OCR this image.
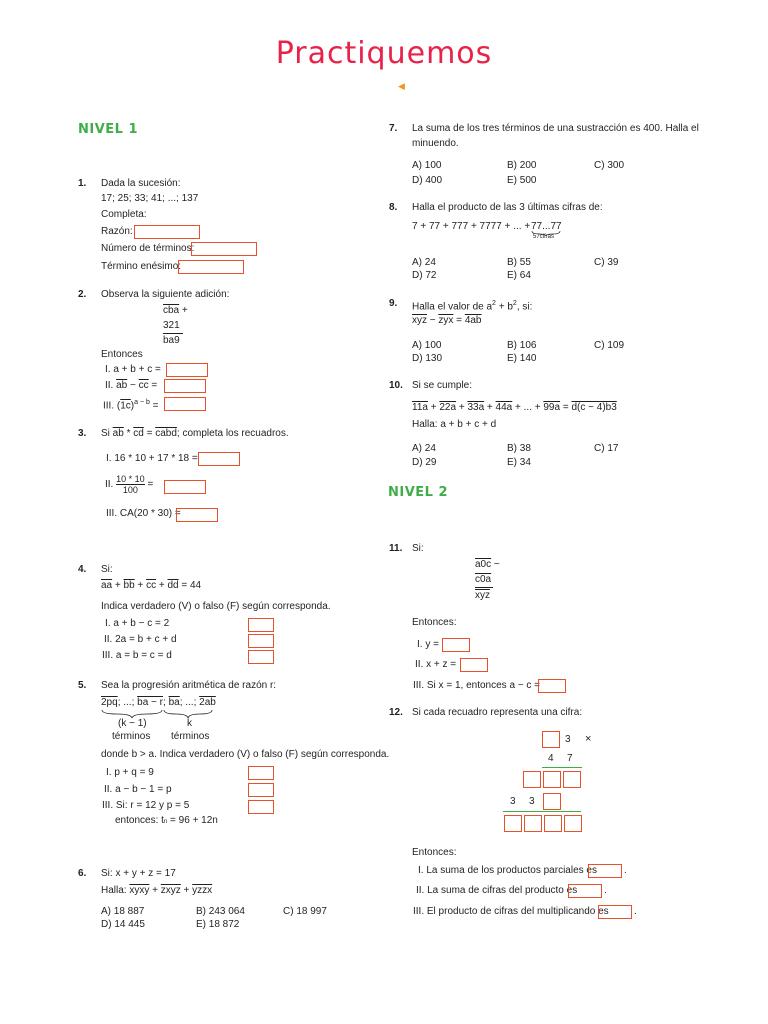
Practiquemos
◀
NIVEL 1
1. Dada la sucesión:
17; 25; 33; 41; ...; 137
Completa:
Razón:
Número de términos:
Término enésimo:
2. Observa la siguiente adición:
$\overline{cba}$ +
321
ba9
Entonces
I. a + b + c =
II. $\overline{ab} - \overline{cc}$ =
III. $(1c)^{a - b}$ =
3. Si $\overline{ab} * \overline{cd}$ = cabd; completa los recuadros.
I. 16 * 10 + 17 * 18 =
II. $\frac{10 * 10}{100}$ =
III. CA(20 * 30) =
4. Si:
$\overline{aa} + \overline{bb} + \overline{cc} + \overline{dd} = 44$
Indica verdadero (V) o falso (F) según corresponda.
I. a + b − c = 2
II. 2a = b + c + d
III. a = b = c = d
5. Sea la progresión aritmética de razón r:
2pq; ...; ba − r; $\overline{ba}$; ...; 2ab
(k − 1)
términos
k
términos
donde b > a. Indica verdadero (V) o falso (F) según corresponda.
I. p + q = 9
II. a − b − 1 = p
III. Si: r = 12 y p = 5
entonces: tn = 96 + 12n
6. Si: x + y + z = 17
Halla: xyxy + zxyz + yzzx
A) 18 887	B) 243 064	C) 18 997
D) 14 445	E) 18 872
7. La suma de los tres términos de una sustracción es 400. Halla el
minuendo.
A) 100	B) 200	C) 300
D) 400	E) 500
8. Halla el producto de las 3 últimas cifras de:
7 + 77 + 777 + 7777 + ... + 77...77
57cifras
A) 24	B) 55	C) 39
D) 72	E) 64
9. Halla el valor de $a^2 + b^2$, si:
$\overline{xyz} - \overline{zyx} = 4ab$
A) 100	B) 106	C) 109
D) 130	E) 140
10. Si se cumple:
11a + 22a + 33a + 44a + ... + 99a = d(c − 4)b3
Halla: a + b + c + d
A) 24	B) 38	C) 17
D) 29	E) 34
NIVEL 2
11. Si:
a0c −
c0a
$\overline{xyz}$
Entonces:
I. y =
II. x + z =
III. Si x = 1, entonces a − c =
12. Si cada recuadro representa una cifra:
3 ×
4 7
3 3
Entonces:
I. La suma de los productos parciales es	.
II. La suma de cifras del producto es	.
III. El producto de cifras del multiplicando es	.
